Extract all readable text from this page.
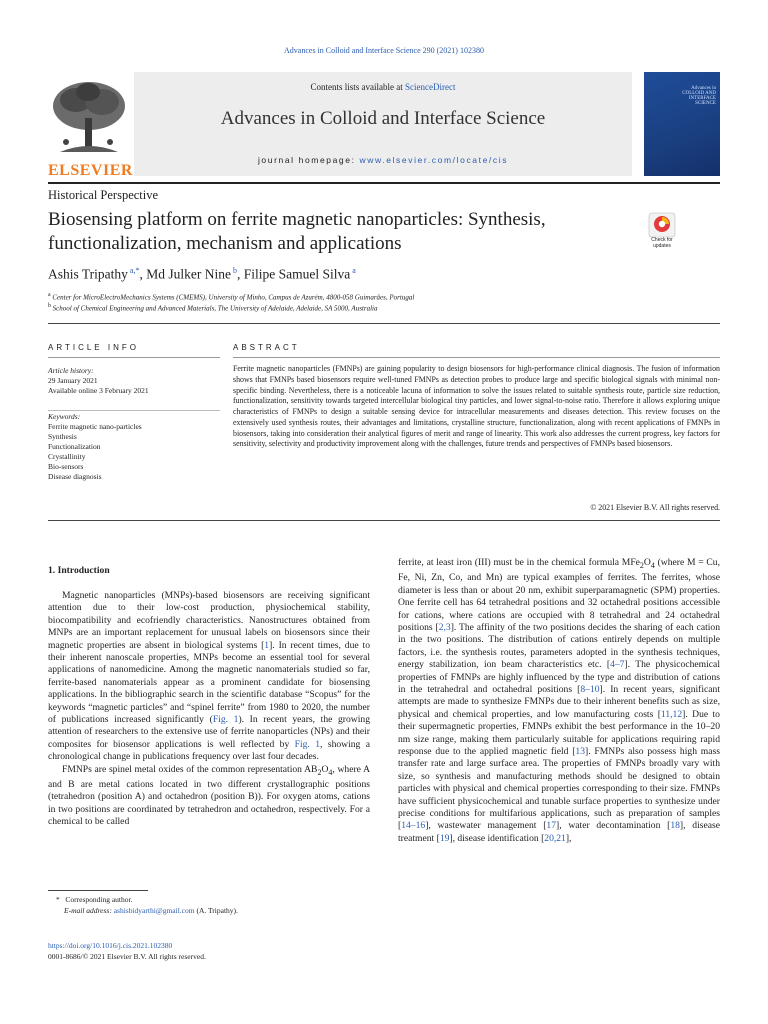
Advances in Colloid and Interface Science 290 (2021) 102380
ELSEVIER
Contents lists available at ScienceDirect
Advances in Colloid and Interface Science
journal homepage: www.elsevier.com/locate/cis
Advances in COLLOID AND INTERFACE SCIENCE
Historical Perspective
Biosensing platform on ferrite magnetic nanoparticles: Synthesis, functionalization, mechanism and applications	Check for updates
Ashis Tripathy $^{a,*}$, Md Julker Nine $^b$, Filipe Samuel Silva $^a$
$^a$ Center for MicroElectroMechanics Systems (CMEMS), University of Minho, Campus de Azurém, 4800-058 Guimarães, Portugal
$^b$ School of Chemical Engineering and Advanced Materials, The University of Adelaide, Adelaide, SA 5000, Australia
ARTICLE INFO	ABSTRACT
Article history:
29 January 2021
Available online 3 February 2021
Keywords:
Ferrite magnetic nano-particles
Synthesis
Functionalization
Crystallinity
Bio-sensors
Disease diagnosis
Ferrite magnetic nanoparticles (FMNPs) are gaining popularity to design biosensors for high-performance clinical diagnosis. The fusion of information shows that FMNPs based biosensors require well-tuned FMNPs as detection probes to produce large and specific biological signals with minimal non-specific binding. Nevertheless, there is a noticeable lacuna of information to solve the issues related to suitable synthesis route, particle size reduction, functionalization, sensitivity towards targeted intercellular biological tiny particles, and lower signal-to-noise ratio. Therefore it allows exploring unique characteristics of FMNPs to design a suitable sensing device for intracellular measurements and diseases detection. This review focuses on the extensively used synthesis routes, their advantages and limitations, crystalline structure, functionalization, along with recent applications of FMNPs in biosensors, taking into consideration their analytical figures of merit and range of linearity. This work also addresses the current progress, key factors for sensitivity, selectivity and productivity improvement along with the challenges, future trends and perspectives of FMNPs based biosensors.
© 2021 Elsevier B.V. All rights reserved.
1. Introduction

Magnetic nanoparticles (MNPs)-based biosensors are receiving significant attention due to their low-cost production, physiochemical stability, biocompatibility and ecofriendly characteristics. Nanostructures obtained from MNPs are an important replacement for unusual labels on biosensors since their magnetic properties are absent in biological systems [1]. In recent times, due to their inherent nanoscale properties, MNPs become an essential tool for several applications of nanomedicine. Among the magnetic nanomaterials studied so far, ferrite-based nanomaterials appear as a prominent candidate for biosensing applications. In the bibliographic search in the scientific database “Scopus” for the keywords “magnetic particles” and “spinel ferrite” from 1980 to 2020, the number of publications increased significantly (Fig. 1). In recent years, the growing attention of researchers to the extensive use of ferrite nanoparticles (NPs) and their composites for biosensor applications is well reflected by Fig. 1, showing a chronological change in publications frequency over last four decades.

FMNPs are spinel metal oxides of the common representation $AB_2O_4$, where A and B are metal cations located in two different crystallographic positions (tetrahedron (position A) and octahedron (position B)). For oxygen atoms, cations in two positions are coordinated by tetrahedron and octahedron, respectively. For a chemical to be called

ferrite, at least iron (III) must be in the chemical formula $MFe_2O_4$ (where M = Cu, Fe, Ni, Zn, Co, and Mn) are typical examples of ferrites. The ferrites, whose diameter is less than or about 20 nm, exhibit superparamagnetic (SPM) properties. One ferrite cell has 64 tetrahedral positions and 32 octahedral positions accessible for cations, where cations are occupied with 8 tetrahedral and 24 octahedral positions [2,3]. The affinity of the two positions decides the sharing of each cation in the two positions. The distribution of cations entirely depends on multiple factors, i.e. the synthesis routes, parameters adopted in the synthesis techniques, energy stabilization, ion beam characteristics etc. [4–7]. The physicochemical properties of FMNPs are highly influenced by the type and distribution of cations in the tetrahedral and octahedral positions [8–10]. In recent years, significant attempts are made to synthesize FMNPs due to their inherent benefits such as size, physical and chemical properties, and low manufacturing costs [11,12]. Due to their supermagnetic properties, FMNPs exhibit the best performance in the 10–20 nm size range, making them particularly suitable for applications requiring rapid response due to the applied magnetic field [13]. FMNPs also possess high mass transfer rate and large surface area. The properties of FMNPs broadly vary with size, so synthesis and manufacturing methods should be designed to obtain particles with physical and chemical properties corresponding to their size. FMNPs have sufficient physicochemical and tunable surface properties to synthesize under precise conditions for multifarious applications, such as preparation of samples [14–16], wastewater management [17], water decontamination [18], disease treatment [19], disease identification [20,21],

* Corresponding author.
E-mail address: ashisbidyarthi@gmail.com (A. Tripathy).
https://doi.org/10.1016/j.cis.2021.102380
0001-8686/© 2021 Elsevier B.V. All rights reserved.
